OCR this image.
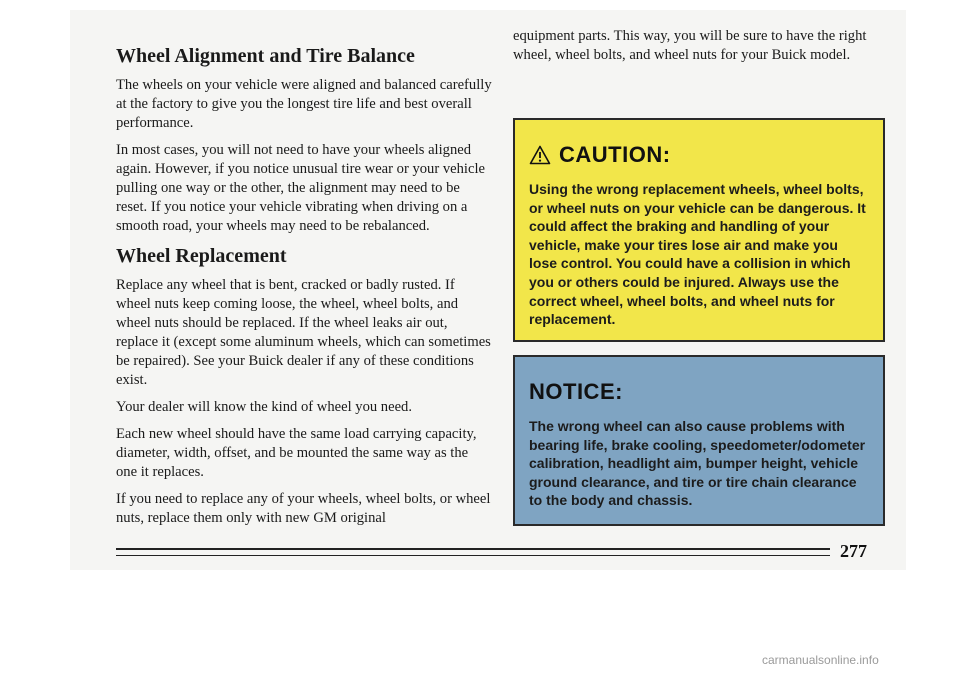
Wheel Alignment and Tire Balance

The wheels on your vehicle were aligned and balanced carefully at the factory to give you the longest tire life and best overall performance.

In most cases, you will not need to have your wheels aligned again. However, if you notice unusual tire wear or your vehicle pulling one way or the other, the alignment may need to be reset. If you notice your vehicle vibrating when driving on a smooth road, your wheels may need to be rebalanced.

Wheel Replacement

Replace any wheel that is bent, cracked or badly rusted. If wheel nuts keep coming loose, the wheel, wheel bolts, and wheel nuts should be replaced. If the wheel leaks air out, replace it (except some aluminum wheels, which can sometimes be repaired). See your Buick dealer if any of these conditions exist.

Your dealer will know the kind of wheel you need.

Each new wheel should have the same load carrying capacity, diameter, width, offset, and be mounted the same way as the one it replaces.

If you need to replace any of your wheels, wheel bolts, or wheel nuts, replace them only with new GM original

equipment parts. This way, you will be sure to have the right wheel, wheel bolts, and wheel nuts for your Buick model.

CAUTION:
Using the wrong replacement wheels, wheel bolts, or wheel nuts on your vehicle can be dangerous. It could affect the braking and handling of your vehicle, make your tires lose air and make you lose control. You could have a collision in which you or others could be injured. Always use the correct wheel, wheel bolts, and wheel nuts for replacement.
NOTICE:
The wrong wheel can also cause problems with bearing life, brake cooling, speedometer/odometer calibration, headlight aim, bumper height, vehicle ground clearance, and tire or tire chain clearance to the body and chassis.
277
carmanualsonline.info
